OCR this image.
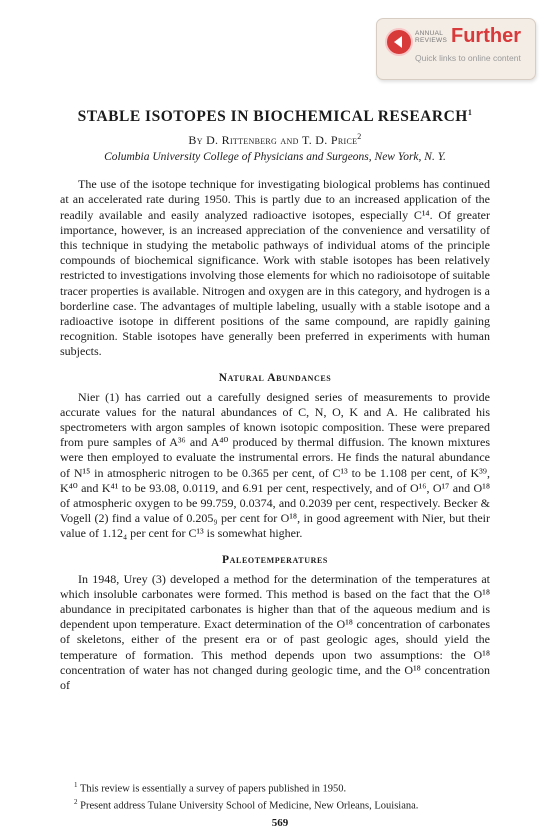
ANNUAL
REVIEWS Further
Quick links to online content
STABLE ISOTOPES IN BIOCHEMICAL RESEARCH$^1$
By D. Rittenberg and T. D. Price$^2$
Columbia University College of Physicians and Surgeons, New York, N. Y.

The use of the isotope technique for investigating biological problems has continued at an accelerated rate during 1950. This is partly due to an increased application of the readily available and easily analyzed radioactive isotopes, especially C¹⁴. Of greater importance, however, is an increased appreciation of the convenience and versatility of this technique in studying the metabolic pathways of individual atoms of the principle compounds of biochemical significance. Work with stable isotopes has been relatively restricted to investigations involving those elements for which no radioisotope of suitable tracer properties is available. Nitrogen and oxygen are in this category, and hydrogen is a borderline case. The advantages of multiple labeling, usually with a stable isotope and a radioactive isotope in different positions of the same compound, are rapidly gaining recognition. Stable isotopes have generally been preferred in experiments with human subjects.

Natural Abundances

Nier (1) has carried out a carefully designed series of measurements to provide accurate values for the natural abundances of C, N, O, K and A. He calibrated his spectrometers with argon samples of known isotopic composition. These were prepared from pure samples of A³⁶ and A⁴⁰ produced by thermal diffusion. The known mixtures were then employed to evaluate the instrumental errors. He finds the natural abundance of N¹⁵ in atmospheric nitrogen to be 0.365 per cent, of C¹³ to be 1.108 per cent, of K³⁹, K⁴⁰ and K⁴¹ to be 93.08, 0.0119, and 6.91 per cent, respectively, and of O¹⁶, O¹⁷ and O¹⁸ of atmospheric oxygen to be 99.759, 0.0374, and 0.2039 per cent, respectively. Becker & Vogell (2) find a value of 0.205₉ per cent for O¹⁸, in good agreement with Nier, but their value of 1.12₄ per cent for C¹³ is somewhat higher.

Paleotemperatures

In 1948, Urey (3) developed a method for the determination of the temperatures at which insoluble carbonates were formed. This method is based on the fact that the O¹⁸ abundance in precipitated carbonates is higher than that of the aqueous medium and is dependent upon temperature. Exact determination of the O¹⁸ concentration of carbonates of skeletons, either of the present era or of past geologic ages, should yield the temperature of formation. This method depends upon two assumptions: the O¹⁸ concentration of water has not changed during geologic time, and the O¹⁸ concentration of

$^1$ This review is essentially a survey of papers published in 1950.
$^2$ Present address Tulane University School of Medicine, New Orleans, Louisiana.
569
